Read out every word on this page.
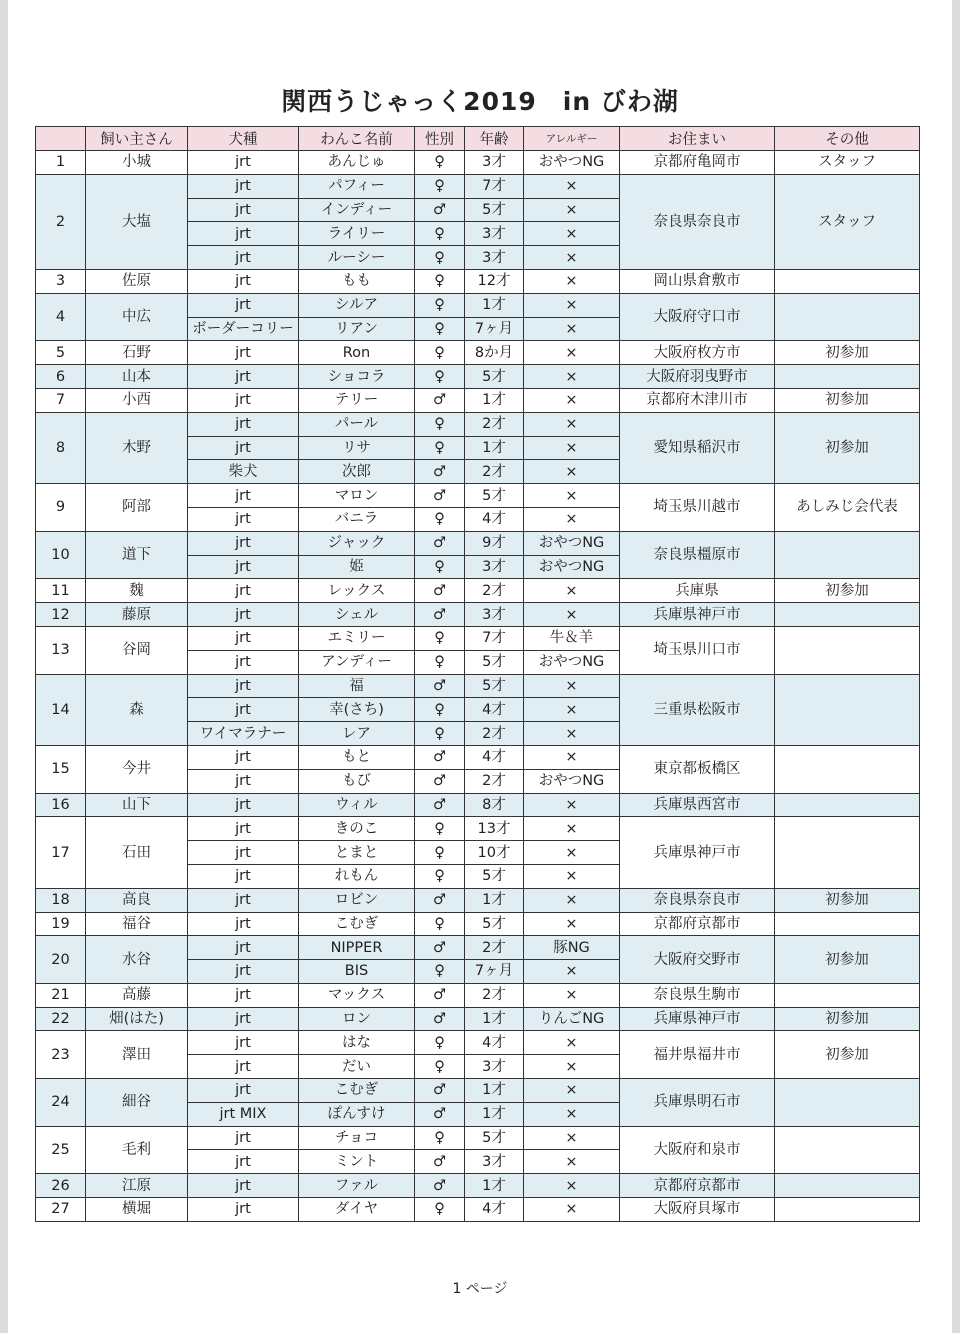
関西うじゃっく2019　in びわ湖
	飼い主さん	犬種	わんこ名前	性別	年齢	アレルギー	お住まい	その他
1	小城	jrt	あんじゅ	♀	3才	おやつNG	京都府亀岡市	スタッフ
2	大塩	jrt	パフィー	♀	7才	×	奈良県奈良市	スタッフ
		jrt	インディー	♂	5才	×		
		jrt	ライリー	♀	3才	×		
		jrt	ルーシー	♀	3才	×		
3	佐原	jrt	もも	♀	12才	×	岡山県倉敷市	
4	中広	jrt	シルア	♀	1才	×	大阪府守口市	
		ボーダーコリー	リアン	♀	7ヶ月	×		
5	石野	jrt	Ron	♀	8か月	×	大阪府枚方市	初参加
6	山本	jrt	ショコラ	♀	5才	×	大阪府羽曳野市	
7	小西	jrt	テリー	♂	1才	×	京都府木津川市	初参加
8	木野	jrt	パール	♀	2才	×	愛知県稲沢市	初参加
		jrt	リサ	♀	1才	×		
		柴犬	次郎	♂	2才	×		
9	阿部	jrt	マロン	♂	5才	×	埼玉県川越市	あしみじ会代表
		jrt	バニラ	♀	4才	×		
10	道下	jrt	ジャック	♂	9才	おやつNG	奈良県橿原市	
		jrt	姫	♀	3才	おやつNG		
11	魏	jrt	レックス	♂	2才	×	兵庫県	初参加
12	藤原	jrt	シェル	♂	3才	×	兵庫県神戸市	
13	谷岡	jrt	エミリー	♀	7才	牛＆羊	埼玉県川口市	
		jrt	アンディー	♀	5才	おやつNG		
14	森	jrt	福	♂	5才	×	三重県松阪市	
		jrt	幸(さち)	♀	4才	×		
		ワイマラナー	レア	♀	2才	×		
15	今井	jrt	もと	♂	4才	×	東京都板橋区	
		jrt	もび	♂	2才	おやつNG		
16	山下	jrt	ウィル	♂	8才	×	兵庫県西宮市	
17	石田	jrt	きのこ	♀	13才	×	兵庫県神戸市	
		jrt	とまと	♀	10才	×		
		jrt	れもん	♀	5才	×		
18	高良	jrt	ロビン	♂	1才	×	奈良県奈良市	初参加
19	福谷	jrt	こむぎ	♀	5才	×	京都府京都市	
20	水谷	jrt	NIPPER	♂	2才	豚NG	大阪府交野市	初参加
		jrt	BIS	♀	7ヶ月	×		
21	高藤	jrt	マックス	♂	2才	×	奈良県生駒市	
22	畑(はた)	jrt	ロン	♂	1才	りんごNG	兵庫県神戸市	初参加
23	澤田	jrt	はな	♀	4才	×	福井県福井市	初参加
		jrt	だい	♀	3才	×		
24	細谷	jrt	こむぎ	♂	1才	×	兵庫県明石市	
		jrt MIX	ぽんすけ	♂	1才	×		
25	毛利	jrt	チョコ	♀	5才	×	大阪府和泉市	
		jrt	ミント	♂	3才	×		
26	江原	jrt	ファル	♂	1才	×	京都府京都市	
27	横堀	jrt	ダイヤ	♀	4才	×	大阪府貝塚市	
1 ページ
